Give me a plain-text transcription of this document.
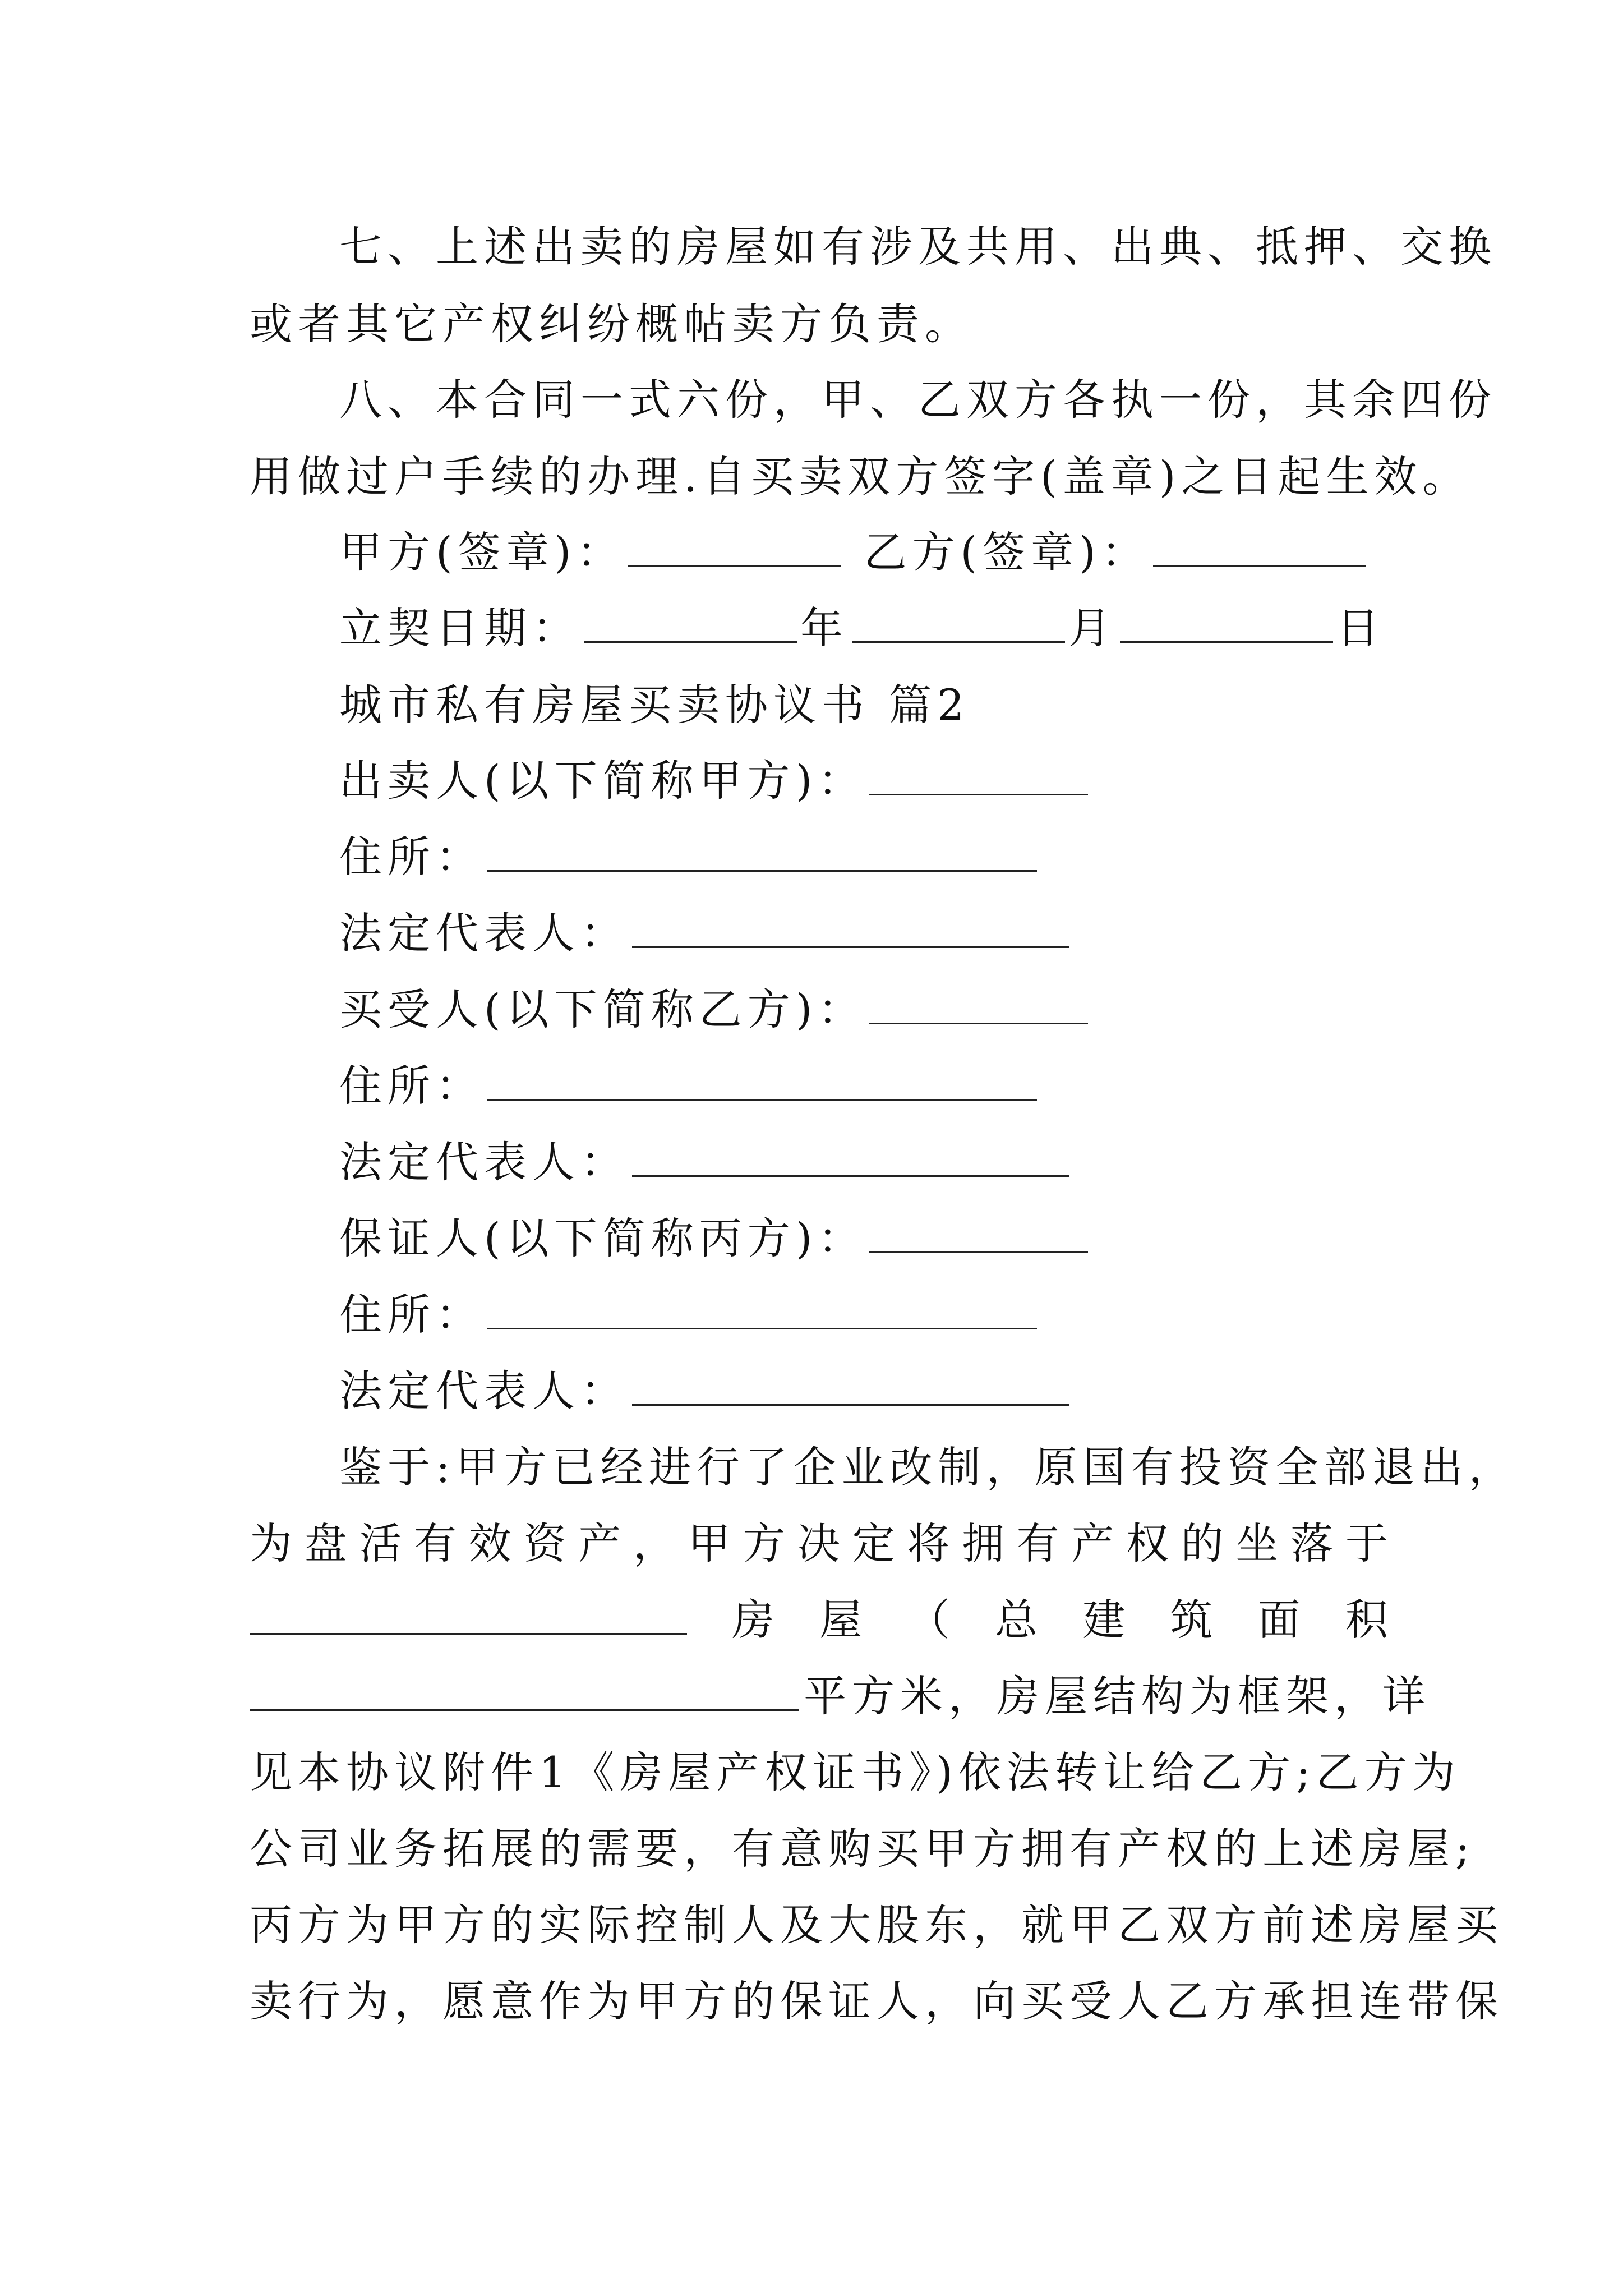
七、上述出卖的房屋如有涉及共用、出典、抵押、交换
或者其它产权纠纷概帖卖方负责。
八、本合同一式六份，甲、乙双方各执一份，其余四份
用做过户手续的办理.自买卖双方签字(盖章)之日起生效。
甲方(签章)：	乙方(签章)：
立契日期：	年	月	日
城市私有房屋买卖协议书 篇2
出卖人(以下简称甲方)：
住所：
法定代表人：
买受人(以下简称乙方)：
住所：
法定代表人：
保证人(以下简称丙方)：
住所：
法定代表人：
鉴于:甲方已经进行了企业改制，原国有投资全部退出，
为 盘 活 有 效 资 产 ， 甲 方 决 定 将 拥 有 产 权 的 坐 落 于
房 屋 （ 总 建 筑 面 积
平方米，房屋结构为框架，详
见本协议附件1《房屋产权证书》)依法转让给乙方;乙方为
公司业务拓展的需要，有意购买甲方拥有产权的上述房屋;
丙方为甲方的实际控制人及大股东，就甲乙双方前述房屋买
卖行为，愿意作为甲方的保证人，向买受人乙方承担连带保
